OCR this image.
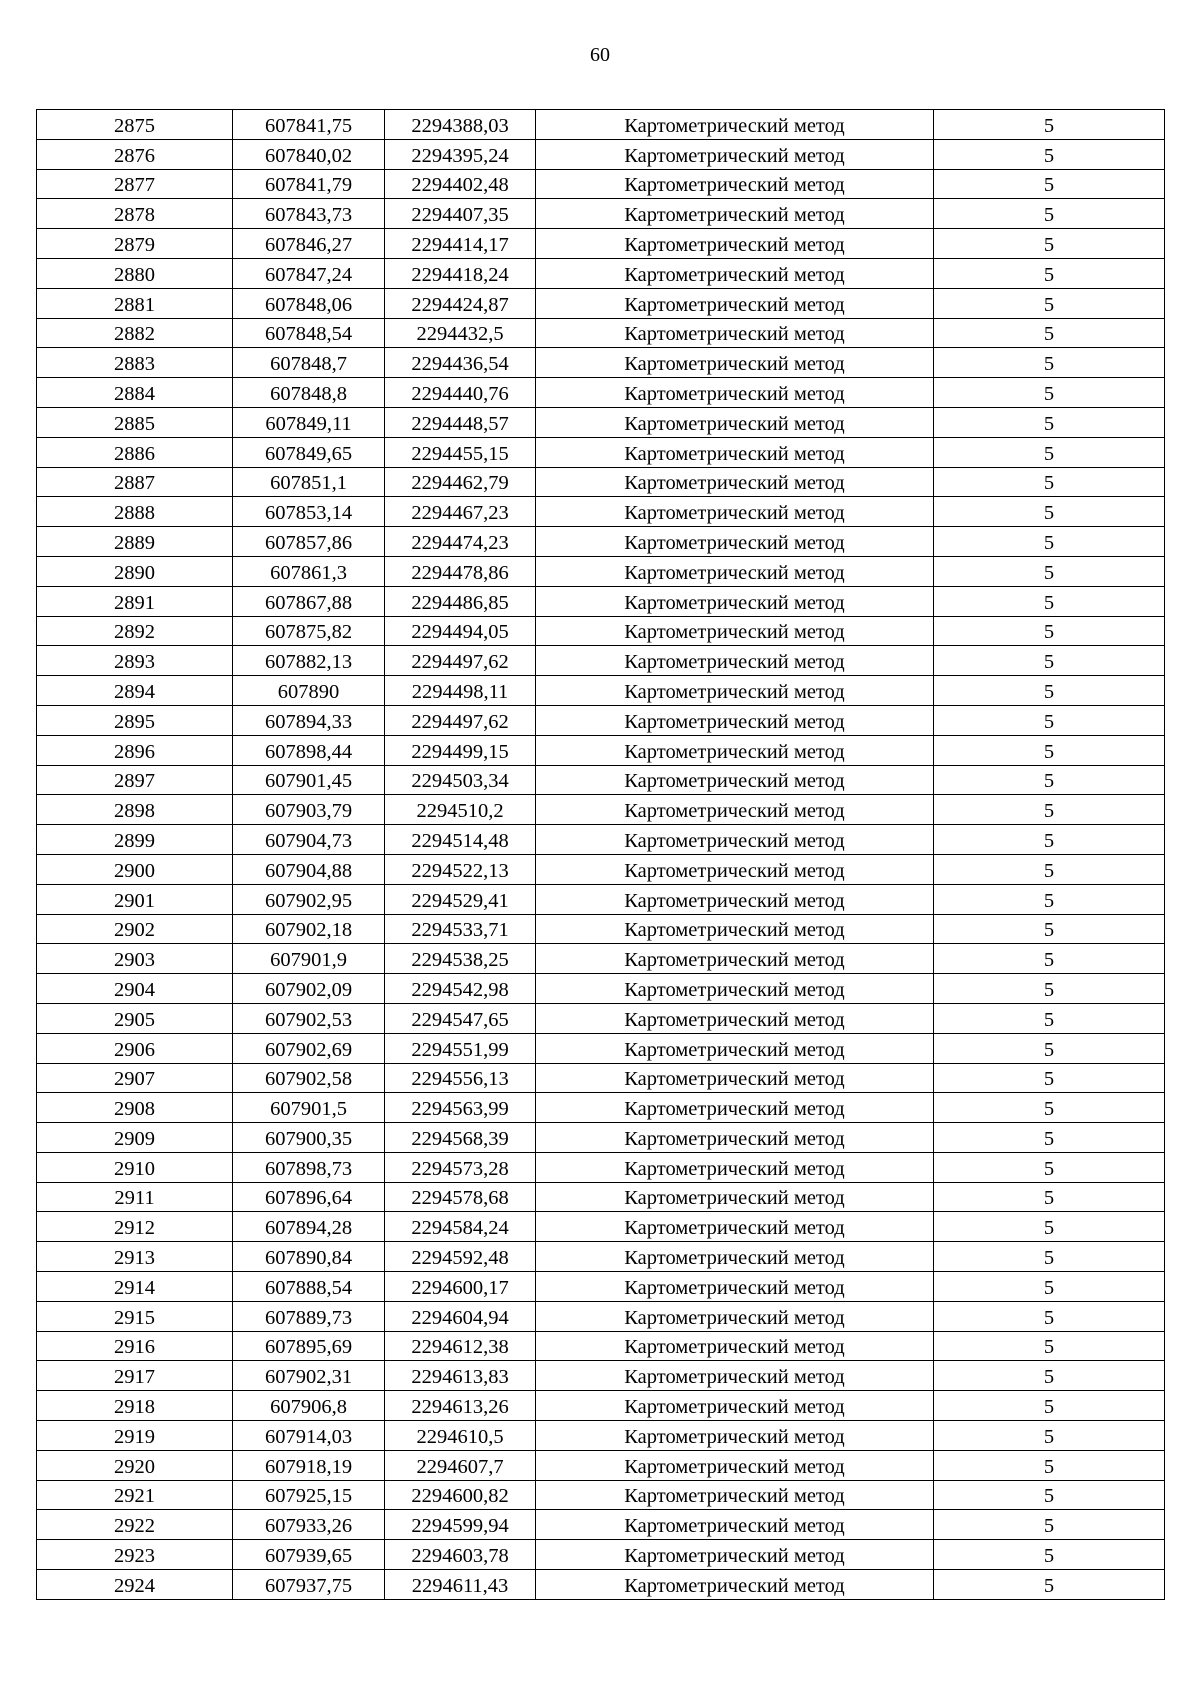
60
2875	607841,75	2294388,03	Картометрический метод	5
2876	607840,02	2294395,24	Картометрический метод	5
2877	607841,79	2294402,48	Картометрический метод	5
2878	607843,73	2294407,35	Картометрический метод	5
2879	607846,27	2294414,17	Картометрический метод	5
2880	607847,24	2294418,24	Картометрический метод	5
2881	607848,06	2294424,87	Картометрический метод	5
2882	607848,54	2294432,5	Картометрический метод	5
2883	607848,7	2294436,54	Картометрический метод	5
2884	607848,8	2294440,76	Картометрический метод	5
2885	607849,11	2294448,57	Картометрический метод	5
2886	607849,65	2294455,15	Картометрический метод	5
2887	607851,1	2294462,79	Картометрический метод	5
2888	607853,14	2294467,23	Картометрический метод	5
2889	607857,86	2294474,23	Картометрический метод	5
2890	607861,3	2294478,86	Картометрический метод	5
2891	607867,88	2294486,85	Картометрический метод	5
2892	607875,82	2294494,05	Картометрический метод	5
2893	607882,13	2294497,62	Картометрический метод	5
2894	607890	2294498,11	Картометрический метод	5
2895	607894,33	2294497,62	Картометрический метод	5
2896	607898,44	2294499,15	Картометрический метод	5
2897	607901,45	2294503,34	Картометрический метод	5
2898	607903,79	2294510,2	Картометрический метод	5
2899	607904,73	2294514,48	Картометрический метод	5
2900	607904,88	2294522,13	Картометрический метод	5
2901	607902,95	2294529,41	Картометрический метод	5
2902	607902,18	2294533,71	Картометрический метод	5
2903	607901,9	2294538,25	Картометрический метод	5
2904	607902,09	2294542,98	Картометрический метод	5
2905	607902,53	2294547,65	Картометрический метод	5
2906	607902,69	2294551,99	Картометрический метод	5
2907	607902,58	2294556,13	Картометрический метод	5
2908	607901,5	2294563,99	Картометрический метод	5
2909	607900,35	2294568,39	Картометрический метод	5
2910	607898,73	2294573,28	Картометрический метод	5
2911	607896,64	2294578,68	Картометрический метод	5
2912	607894,28	2294584,24	Картометрический метод	5
2913	607890,84	2294592,48	Картометрический метод	5
2914	607888,54	2294600,17	Картометрический метод	5
2915	607889,73	2294604,94	Картометрический метод	5
2916	607895,69	2294612,38	Картометрический метод	5
2917	607902,31	2294613,83	Картометрический метод	5
2918	607906,8	2294613,26	Картометрический метод	5
2919	607914,03	2294610,5	Картометрический метод	5
2920	607918,19	2294607,7	Картометрический метод	5
2921	607925,15	2294600,82	Картометрический метод	5
2922	607933,26	2294599,94	Картометрический метод	5
2923	607939,65	2294603,78	Картометрический метод	5
2924	607937,75	2294611,43	Картометрический метод	5
